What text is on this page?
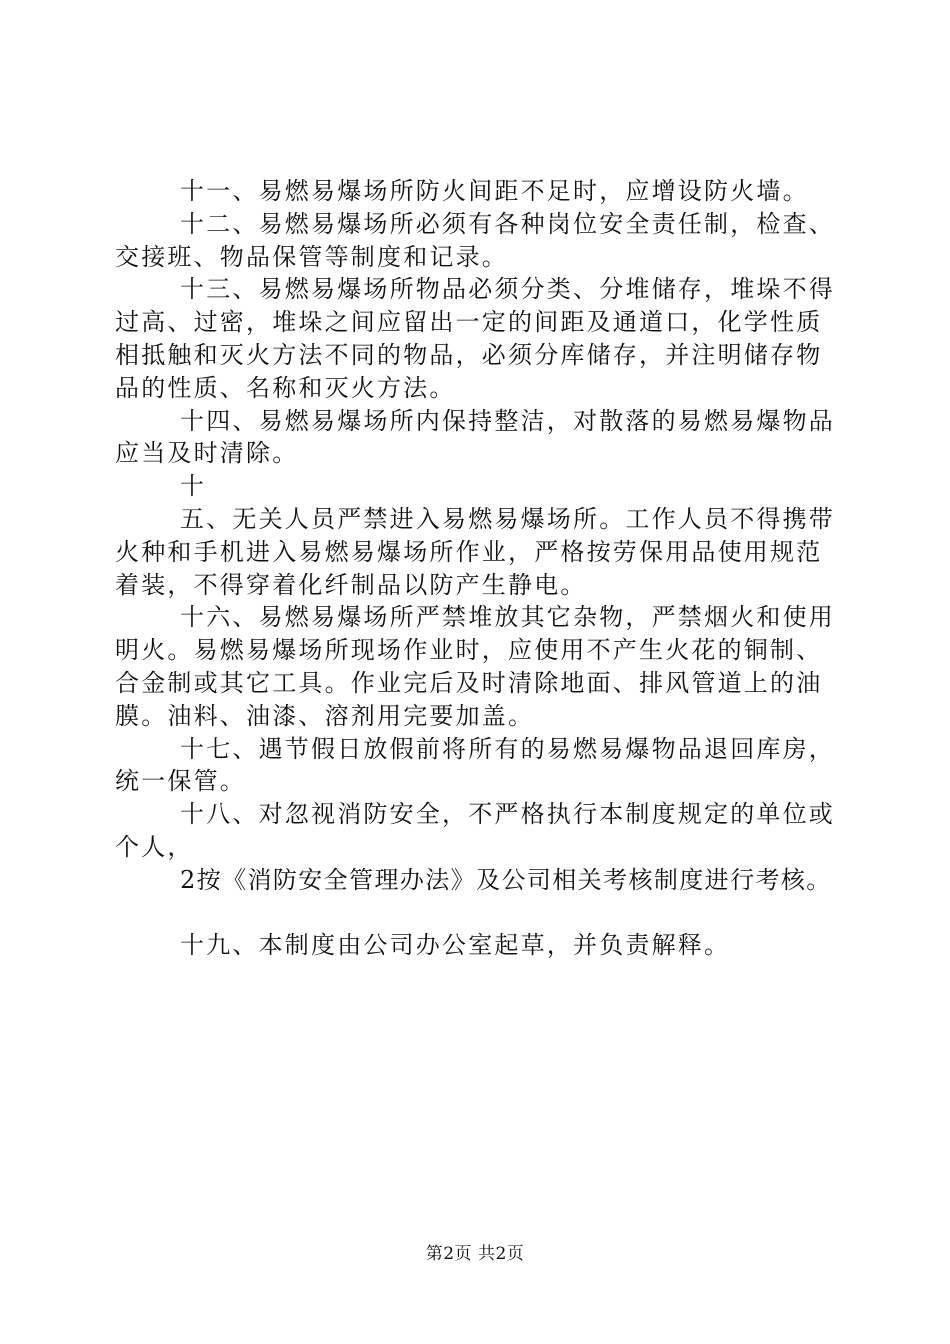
十一、易燃易爆场所防火间距不足时，应增设防火墙。
十二、易燃易爆场所必须有各种岗位安全责任制，检查、
交接班、物品保管等制度和记录。
十三、易燃易爆场所物品必须分类、分堆储存，堆垛不得
过高、过密，堆垛之间应留出一定的间距及通道口，化学性质
相抵触和灭火方法不同的物品，必须分库储存，并注明储存物
品的性质、名称和灭火方法。
十四、易燃易爆场所内保持整洁，对散落的易燃易爆物品
应当及时清除。
十
五、无关人员严禁进入易燃易爆场所。工作人员不得携带
火种和手机进入易燃易爆场所作业，严格按劳保用品使用规范
着装，不得穿着化纤制品以防产生静电。
十六、易燃易爆场所严禁堆放其它杂物，严禁烟火和使用
明火。易燃易爆场所现场作业时，应使用不产生火花的铜制、
合金制或其它工具。作业完后及时清除地面、排风管道上的油
膜。油料、油漆、溶剂用完要加盖。
十七、遇节假日放假前将所有的易燃易爆物品退回库房，
统一保管。
十八、对忽视消防安全，不严格执行本制度规定的单位或
个人，
2按《消防安全管理办法》及公司相关考核制度进行考核。
十九、本制度由公司办公室起草，并负责解释。
第2页 共2页
